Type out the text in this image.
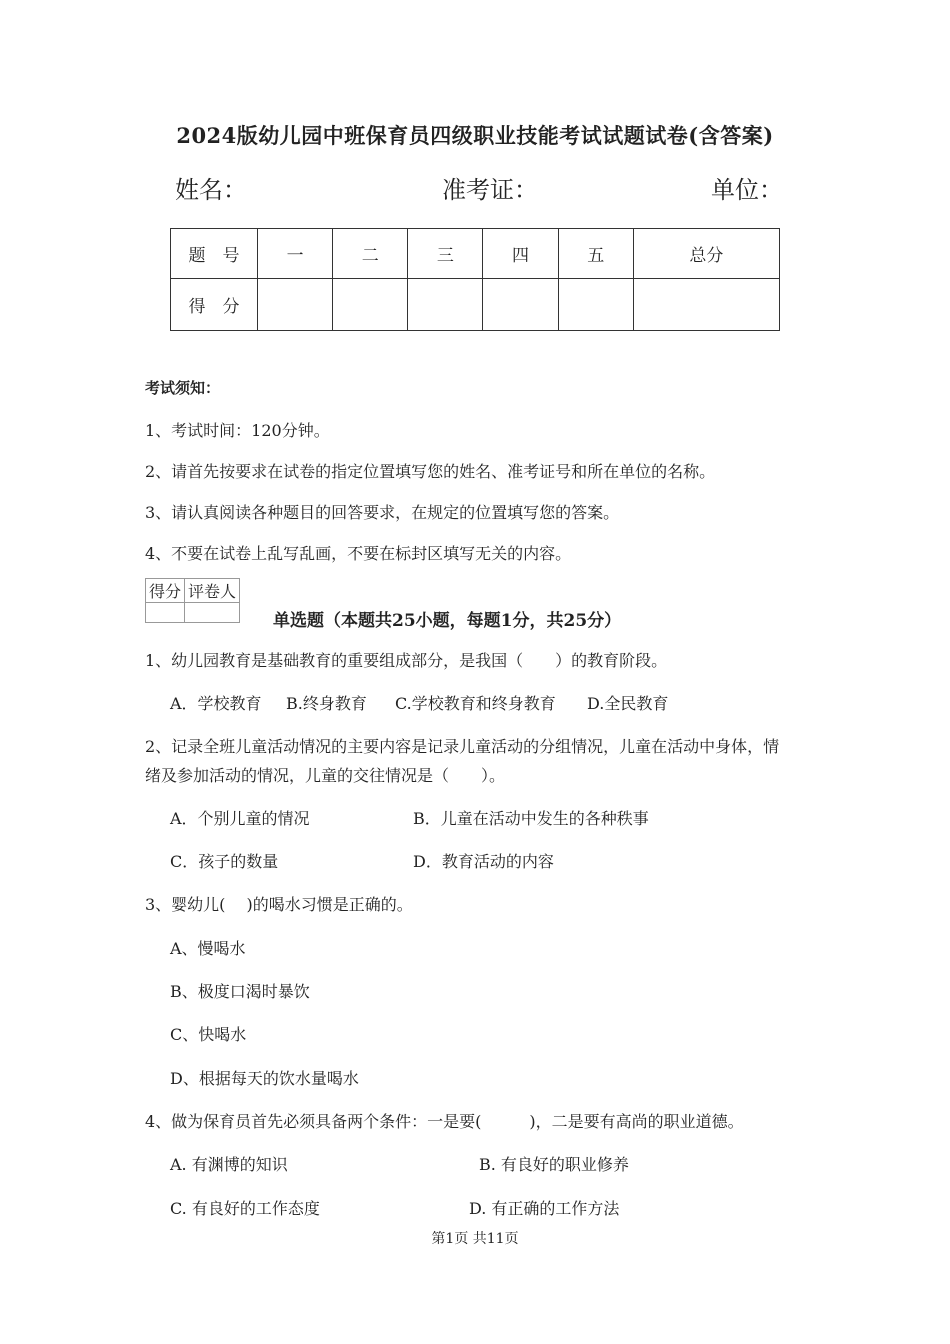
2024版幼儿园中班保育员四级职业技能考试试题试卷(含答案)
姓名：	准考证：	单位：
题　号	一	二	三	四	五	总分
得　分						
考试须知：
1、考试时间：120分钟。
2、请首先按要求在试卷的指定位置填写您的姓名、准考证号和所在单位的名称。
3、请认真阅读各种题目的回答要求，在规定的位置填写您的答案。
4、不要在试卷上乱写乱画，不要在标封区填写无关的内容。
得分	评卷人

单选题（本题共25小题，每题1分，共25分）
1、幼儿园教育是基础教育的重要组成部分，是我国（　　）的教育阶段。
A．学校教育 B.终身教育 C.学校教育和终身教育 D.全民教育
2、记录全班儿童活动情况的主要内容是记录儿童活动的分组情况，儿童在活动中身体，情
绪及参加活动的情况，儿童的交往情况是（　　）。
A．个别儿童的情况	B．儿童在活动中发生的各种秩事
C．孩子的数量	D．教育活动的内容
3、婴幼儿(　 )的喝水习惯是正确的。
A、慢喝水
B、极度口渴时暴饮
C、快喝水
D、根据每天的饮水量喝水
4、做为保育员首先必须具备两个条件：一是要(　　　)，二是要有高尚的职业道德。
A. 有渊博的知识	B. 有良好的职业修养
C. 有良好的工作态度	D. 有正确的工作方法
第1页 共11页
